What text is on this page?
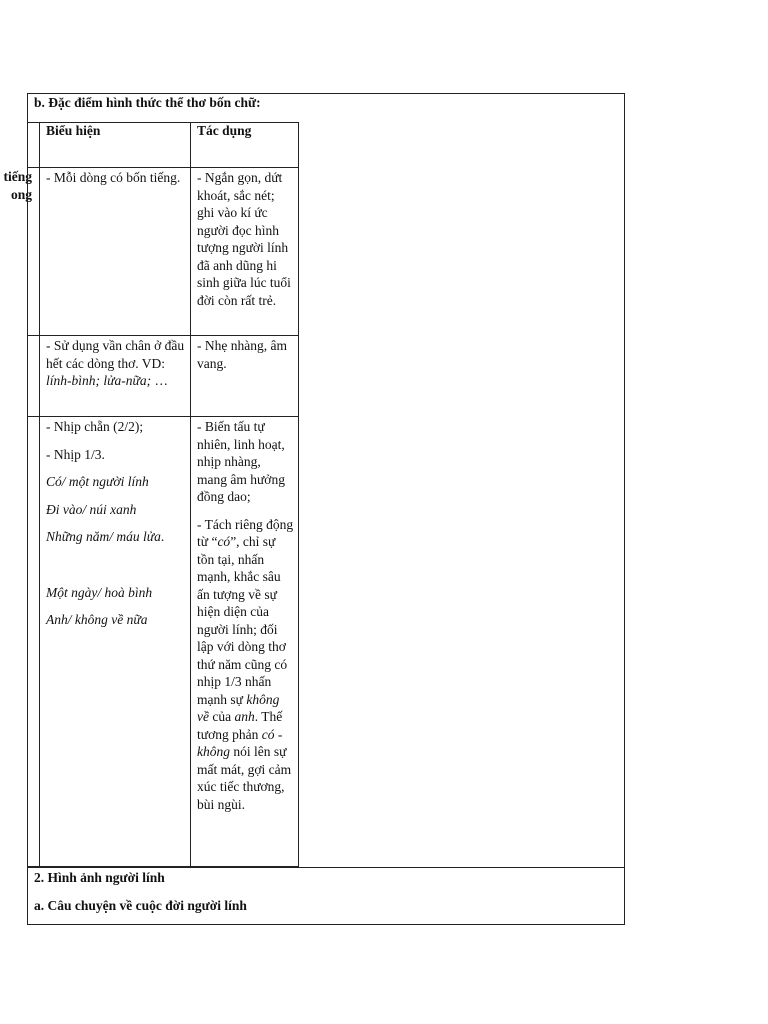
tiếng
ong
b. Đặc điểm hình thức thể thơ bốn chữ:
Biểu hiện	Tác dụng

- Mỗi dòng có bốn tiếng.	- Ngắn gọn, dứt khoát, sắc nét; ghi vào kí ức người đọc hình tượng người lính đã anh dũng hi sinh giữa lúc tuổi đời còn rất trẻ.

- Sử dụng vần chân ở đầu hết các dòng thơ. VD: lính-bình; lửa-nữa; …

- Nhẹ nhàng, âm vang.

- Nhịp chẵn (2/2);

- Nhịp 1/3.

Có/ một người lính

Đi vào/ núi xanh

Những năm/ máu lửa.

Một ngày/ hoà bình

Anh/ không về nữa

- Biến tấu tự nhiên, linh hoạt, nhịp nhàng, mang âm hưởng đồng dao;

- Tách riêng động từ “có”, chỉ sự tồn tại, nhấn mạnh, khắc sâu ấn tượng về sự hiện diện của người lính; đối lập với dòng thơ thứ năm cũng có nhịp 1/3 nhấn mạnh sự không về của anh. Thế tương phản có - không nói lên sự mất mát, gợi cảm xúc tiếc thương, bùi ngùi.

2. Hình ảnh người lính
a. Câu chuyện về cuộc đời người lính
